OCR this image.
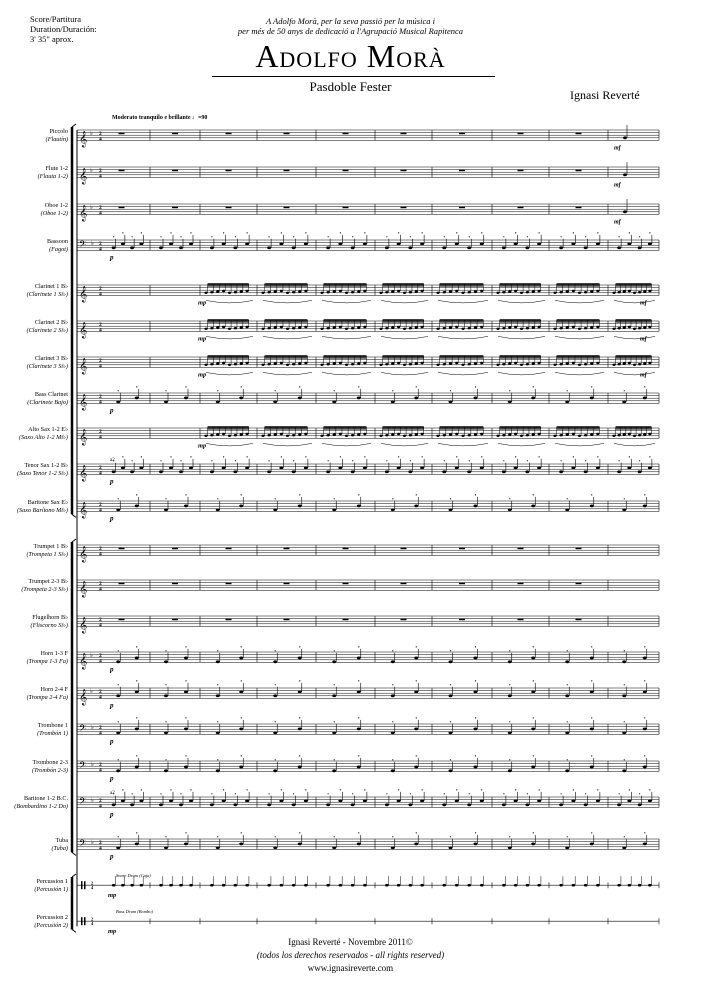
Score/Partitura
Duration/Duración:
3' 35" aprox.
A Adolfo Morà, per la seva passió per la música i
per més de 50 anys de dedicació a l'Agrupació Musical Rapitenca
Adolfo Morà
Pasdoble Fester
Ignasi Reverté
Moderato tranquilo e brillante ♩=90
𝄞 ♭ 2
4
𝄞 ♭ 2
4
𝄞 ♭ 2
4
𝄢 ♭ 2
4
𝄞 2
4
𝄞 2
4
𝄞 2
4
𝄞 2
4
𝄞 2
4
𝄞 2
4
𝄞 2
4
𝄞 2
4
𝄞 2
4
𝄞 2
4
𝄞 ♭ 2
4
𝄞 ♭ 2
4
𝄢 ♭ 2
4
𝄢 ♭ 2
4
𝄢 ♭ 2
4
𝄢 ♭ 2
4
2
4
2
4
mf
mf
mf
mf
mf
mf
p
p
p
p
p
p
p
p
p
p
mp
mp
mp
mp
mp
mp
a2
a2
Snare Drum (Caja)
Bass Drum (Bombo)
Piccolo
(Flautín)
Flute 1-2
(Flauta 1-2)
Oboe 1-2
(Oboe 1-2)
Bassoon
(Fagot)
Clarinet 1 B♭
(Clarinete 1 Si♭)
Clarinet 2 B♭
(Clarinete 2 Si♭)
Clarinet 3 B♭
(Clarinete 3 Si♭)
Bass Clarinet
(Clarinete Bajo)
Alto Sax 1-2 E♭
(Saxo Alto 1-2 Mi♭)
Tenor Sax 1-2 B♭
(Saxo Tenor 1-2 Si♭)
Baritone Sax E♭
(Saxo Barítono Mi♭)
Trumpet 1 B♭
(Trompeta 1 Si♭)
Trumpet 2-3 B♭
(Trompeta 2-3 Si♭)
Flugelhorn B♭
(Fliscorno Si♭)
Horn 1-3 F
(Trompa 1-3 Fa)
Horn 2-4 F
(Trompa 2-4 Fa)
Trombone 1
(Trombón 1)
Trombone 2-3
(Trombón 2-3)
Baritone 1-2 B.C.
(Bombardino 1-2 Do)
Tuba
(Tuba)
Percussion 1
(Percusión 1)
Percussion 2
(Percusión 2)
Ignasi Reverté - Novembre 2011©
(todos los derechos reservados - all rights reserved)
www.ignasireverte.com
